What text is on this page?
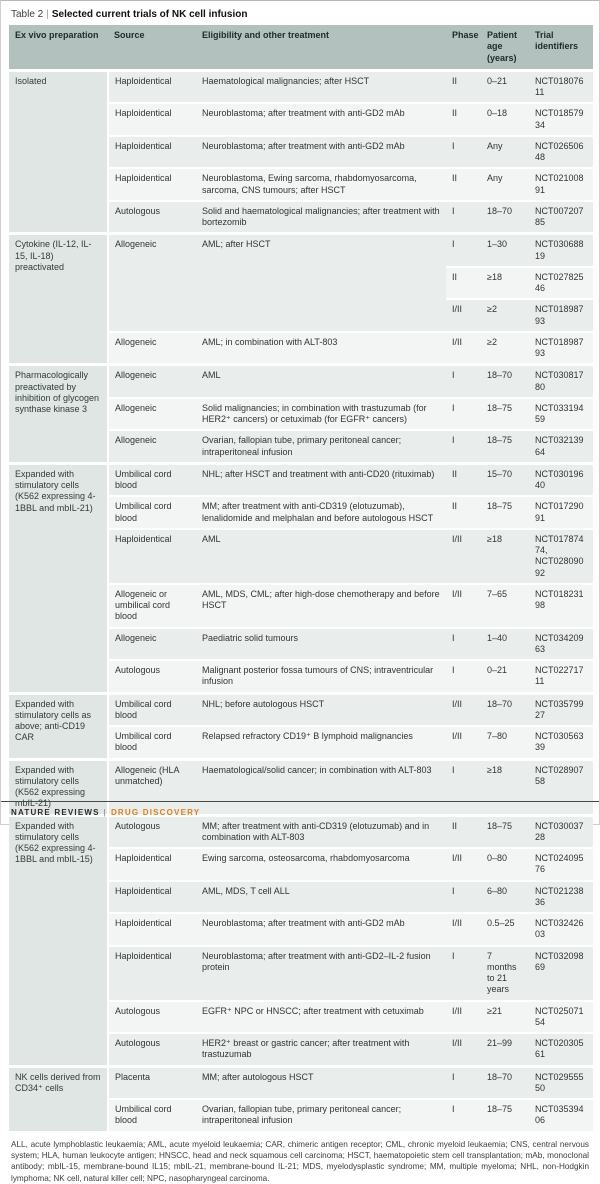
Table 2 | Selected current trials of NK cell infusion
Ex vivo preparation	Source	Eligibility and other treatment	Phase	Patient age (years)	Trial identifiers
Isolated	Haploidentical	Haematological malignancies; after HSCT	II	0–21	NCT01807611
	Haploidentical	Neuroblastoma; after treatment with anti-GD2 mAb	II	0–18	NCT01857934
	Haploidentical	Neuroblastoma; after treatment with anti-GD2 mAb	I	Any	NCT02650648
	Haploidentical	Neuroblastoma, Ewing sarcoma, rhabdomyosarcoma, sarcoma, CNS tumours; after HSCT	II	Any	NCT02100891
	Autologous	Solid and haematological malignancies; after treatment with bortezomib	I	18–70	NCT00720785
Cytokine (IL-12, IL-15, IL-18) preactivated	Allogeneic	AML; after HSCT	I	1–30	NCT03068819
			II	≥18	NCT02782546
			I/II	≥2	NCT01898793
	Allogeneic	AML; in combination with ALT-803	I/II	≥2	NCT01898793
Pharmacologically preactivated by inhibition of glycogen synthase kinase 3	Allogeneic	AML	I	18–70	NCT03081780
	Allogeneic	Solid malignancies; in combination with trastuzumab (for HER2⁺ cancers) or cetuximab (for EGFR⁺ cancers)	I	18–75	NCT03319459
	Allogeneic	Ovarian, fallopian tube, primary peritoneal cancer; intraperitoneal infusion	I	18–75	NCT03213964
Expanded with stimulatory cells (K562 expressing 4-1BBL and mbIL-21)	Umbilical cord blood	NHL; after HSCT and treatment with anti-CD20 (rituximab)	II	15–70	NCT03019640
	Umbilical cord blood	MM; after treatment with anti-CD319 (elotuzumab), lenalidomide and melphalan and before autologous HSCT	II	18–75	NCT01729091
	Haploidentical	AML	I/II	≥18	NCT01787474, NCT02809092
	Allogeneic or umbilical cord blood	AML, MDS, CML; after high-dose chemotherapy and before HSCT	I/II	7–65	NCT01823198
	Allogeneic	Paediatric solid tumours	I	1–40	NCT03420963
	Autologous	Malignant posterior fossa tumours of CNS; intraventricular infusion	I	0–21	NCT02271711
Expanded with stimulatory cells as above; anti-CD19 CAR	Umbilical cord blood	NHL; before autologous HSCT	I/II	18–70	NCT03579927
	Umbilical cord blood	Relapsed refractory CD19⁺ B lymphoid malignancies	I/II	7–80	NCT03056339
Expanded with stimulatory cells (K562 expressing mbIL-21)	Allogeneic (HLA unmatched)	Haematological/solid cancer; in combination with ALT-803	I	≥18	NCT02890758
Expanded with stimulatory cells (K562 expressing 4-1BBL and mbIL-15)	Autologous	MM; after treatment with anti-CD319 (elotuzumab) and in combination with ALT-803	II	18–75	NCT03003728
	Haploidentical	Ewing sarcoma, osteosarcoma, rhabdomyosarcoma	I/II	0–80	NCT02409576
	Haploidentical	AML, MDS, T cell ALL	I	6–80	NCT02123836
	Haploidentical	Neuroblastoma; after treatment with anti-GD2 mAb	I/II	0.5–25	NCT03242603
	Haploidentical	Neuroblastoma; after treatment with anti-GD2–IL-2 fusion protein	I	7 months to 21 years	NCT03209869
	Autologous	EGFR⁺ NPC or HNSCC; after treatment with cetuximab	I/II	≥21	NCT02507154
	Autologous	HER2⁺ breast or gastric cancer; after treatment with trastuzumab	I/II	21–99	NCT02030561
NK cells derived from CD34⁺ cells	Placenta	MM; after autologous HSCT	I	18–70	NCT02955550
	Umbilical cord blood	Ovarian, fallopian tube, primary peritoneal cancer; intraperitoneal infusion	I	18–75	NCT03539406

ALL, acute lymphoblastic leukaemia; AML, acute myeloid leukaemia; CAR, chimeric antigen receptor; CML, chronic myeloid leukaemia; CNS, central nervous system; HLA, human leukocyte antigen; HNSCC, head and neck squamous cell carcinoma; HSCT, haematopoietic stem cell transplantation; mAb, monoclonal antibody; mbIL-15, membrane-bound IL15; mbIL-21, membrane-bound IL-21; MDS, myelodysplastic syndrome; MM, multiple myeloma; NHL, non-Hodgkin lymphoma; NK cell, natural killer cell; NPC, nasopharyngeal carcinoma.

NATURE REVIEWS | DRUG DISCOVERY
